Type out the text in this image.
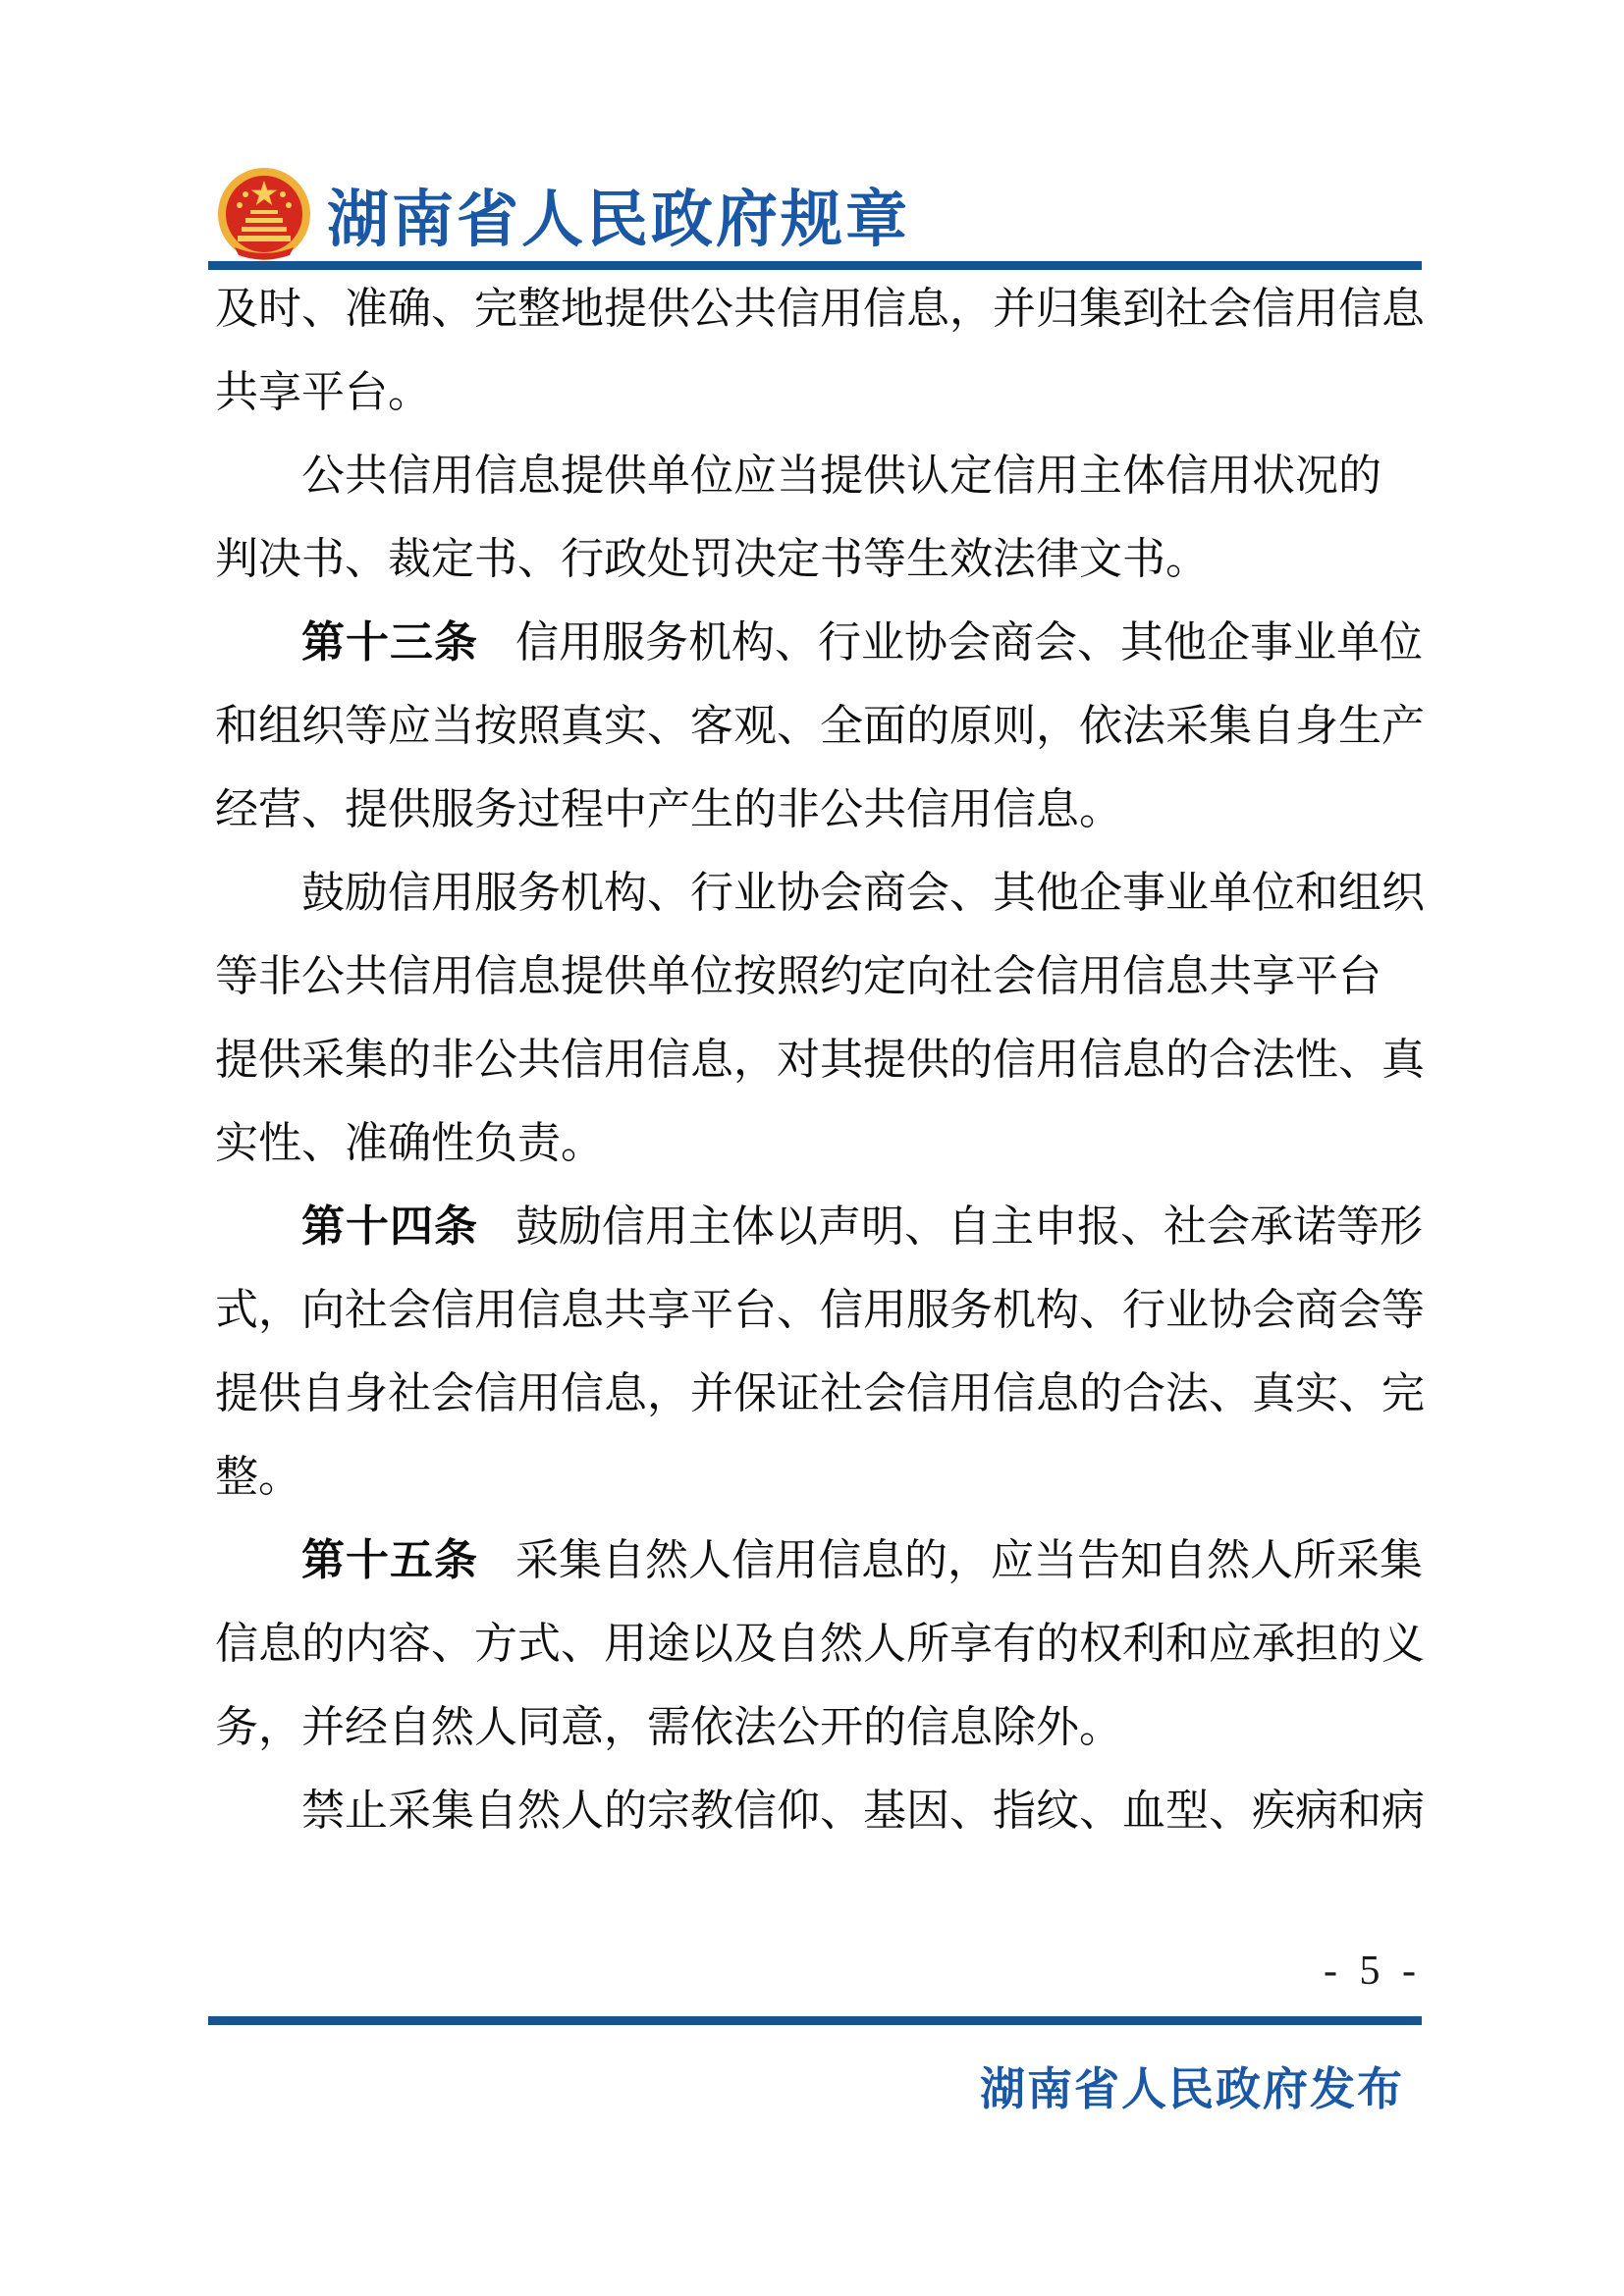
湖南省人民政府规章
及时、准确、完整地提供公共信用信息，并归集到社会信用信息
共享平台。
公共信用信息提供单位应当提供认定信用主体信用状况的
判决书、裁定书、行政处罚决定书等生效法律文书。
第十三条 信用服务机构、行业协会商会、其他企事业单位
和组织等应当按照真实、客观、全面的原则，依法采集自身生产
经营、提供服务过程中产生的非公共信用信息。
鼓励信用服务机构、行业协会商会、其他企事业单位和组织
等非公共信用信息提供单位按照约定向社会信用信息共享平台
提供采集的非公共信用信息，对其提供的信用信息的合法性、真
实性、准确性负责。
第十四条 鼓励信用主体以声明、自主申报、社会承诺等形
式，向社会信用信息共享平台、信用服务机构、行业协会商会等
提供自身社会信用信息，并保证社会信用信息的合法、真实、完
整。
第十五条 采集自然人信用信息的，应当告知自然人所采集
信息的内容、方式、用途以及自然人所享有的权利和应承担的义
务，并经自然人同意，需依法公开的信息除外。
禁止采集自然人的宗教信仰、基因、指纹、血型、疾病和病
- 5 -
湖南省人民政府发布
